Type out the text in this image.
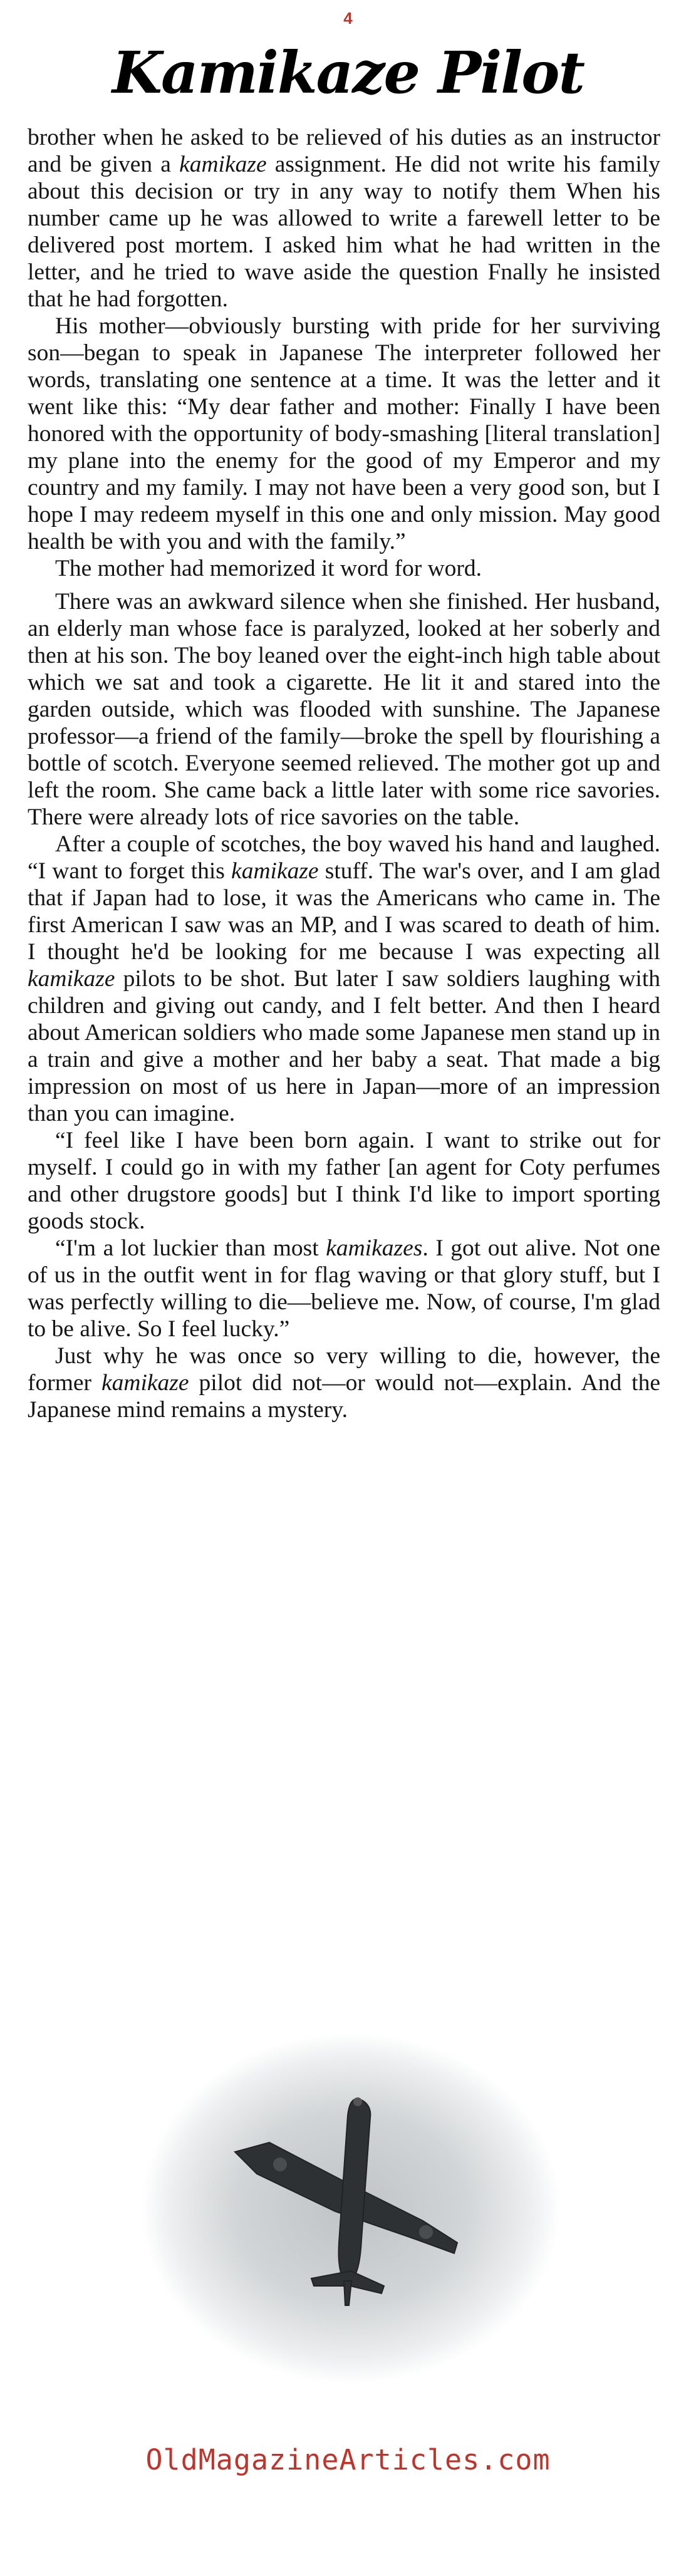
4
Kamikaze Pilot

brother when he asked to be relieved of his duties as an instructor and be given a kamikaze assignment. He did not write his family about this decision or try in any way to notify them When his number came up he was allowed to write a farewell letter to be delivered post mortem. I asked him what he had written in the letter, and he tried to wave aside the question Fnally he insisted that he had forgotten.

His mother—obviously bursting with pride for her surviving son—began to speak in Japanese The interpreter followed her words, translating one sentence at a time. It was the letter and it went like this: “My dear father and mother: Finally I have been honored with the opportunity of body-smashing [literal translation] my plane into the enemy for the good of my Emperor and my country and my family. I may not have been a very good son, but I hope I may redeem myself in this one and only mission. May good health be with you and with the family.”

The mother had memorized it word for word.

There was an awkward silence when she finished. Her husband, an elderly man whose face is paralyzed, looked at her soberly and then at his son. The boy leaned over the eight-inch high table about which we sat and took a cigarette. He lit it and stared into the garden outside, which was flooded with sunshine. The Japanese professor—a friend of the family—broke the spell by flourishing a bottle of scotch. Everyone seemed relieved. The mother got up and left the room. She came back a little later with some rice savories. There were already lots of rice savories on the table.

After a couple of scotches, the boy waved his hand and laughed. “I want to forget this kamikaze stuff. The war's over, and I am glad that if Japan had to lose, it was the Americans who came in. The first American I saw was an MP, and I was scared to death of him. I thought he'd be looking for me because I was expecting all kamikaze pilots to be shot. But later I saw soldiers laughing with children and giving out candy, and I felt better. And then I heard about American soldiers who made some Japanese men stand up in a train and give a mother and her baby a seat. That made a big impression on most of us here in Japan—more of an impression than you can imagine.

“I feel like I have been born again. I want to strike out for myself. I could go in with my father [an agent for Coty perfumes and other drugstore goods] but I think I'd like to import sporting goods stock.

“I'm a lot luckier than most kamikazes. I got out alive. Not one of us in the outfit went in for flag waving or that glory stuff, but I was perfectly willing to die—believe me. Now, of course, I'm glad to be alive. So I feel lucky.”

Just why he was once so very willing to die, however, the former kamikaze pilot did not—or would not—explain. And the Japanese mind remains a mystery.

OldMagazineArticles.com
